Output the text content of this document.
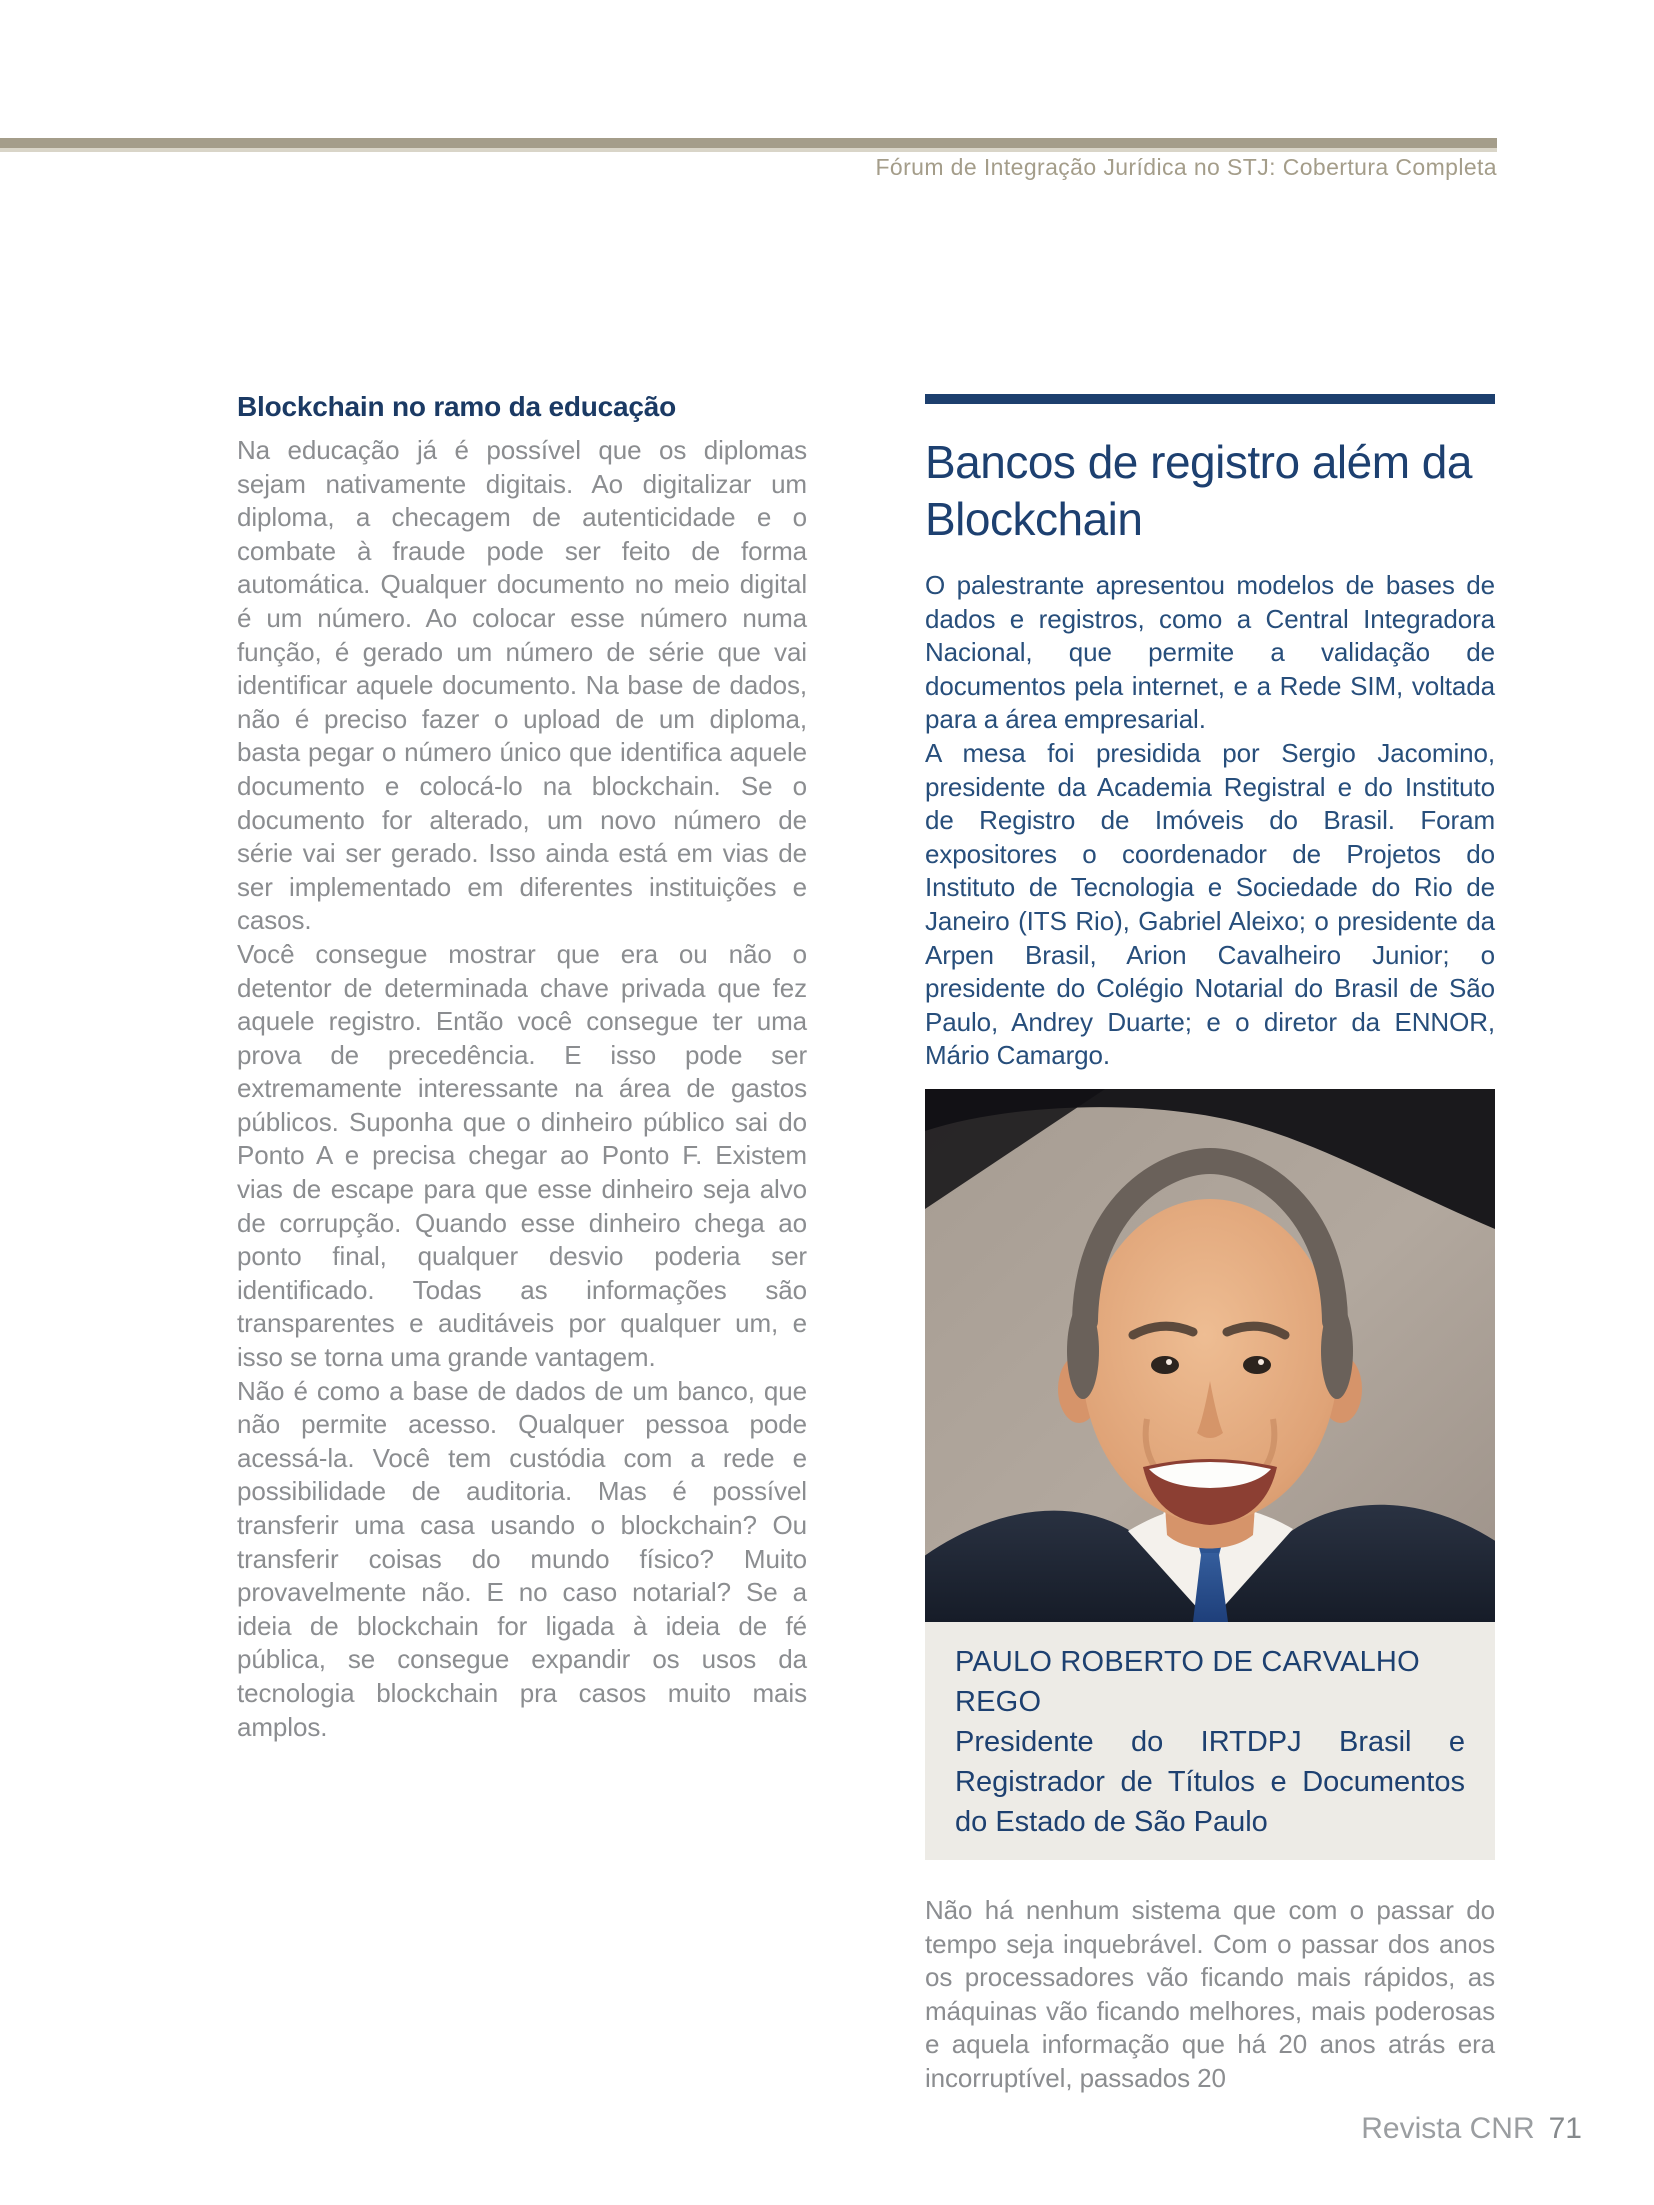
Fórum de Integração Jurídica no STJ: Cobertura Completa
Blockchain no ramo da educação

Na educação já é possível que os diplomas sejam nativamente digitais. Ao digitalizar um diploma, a checagem de autenticidade e o combate à fraude pode ser feito de forma automática. Qualquer documento no meio digital é um número. Ao colocar esse número numa função, é gerado um número de série que vai identificar aquele documento. Na base de dados, não é preciso fazer o upload de um diploma, basta pegar o número único que identifica aquele documento e colocá-lo na blockchain. Se o documento for alterado, um novo número de série vai ser gerado. Isso ainda está em vias de ser implementado em diferentes instituições e casos.

Você consegue mostrar que era ou não o detentor de determinada chave privada que fez aquele registro. Então você consegue ter uma prova de precedência. E isso pode ser extremamente interessante na área de gastos públicos. Suponha que o dinheiro público sai do Ponto A e precisa chegar ao Ponto F. Existem vias de escape para que esse dinheiro seja alvo de corrupção. Quando esse dinheiro chega ao ponto final, qualquer desvio poderia ser identificado. Todas as informações são transparentes e auditáveis por qualquer um, e isso se torna uma grande vantagem.

Não é como a base de dados de um banco, que não permite acesso. Qualquer pessoa pode acessá-la. Você tem custódia com a rede e possibilidade de auditoria. Mas é possível transferir uma casa usando o blockchain? Ou transferir coisas do mundo físico? Muito provavelmente não. E no caso notarial? Se a ideia de blockchain for ligada à ideia de fé pública, se consegue expandir os usos da tecnologia blockchain pra casos muito mais amplos.

Bancos de registro além da Blockchain

O palestrante apresentou modelos de bases de dados e registros, como a Central Integradora Nacional, que permite a validação de documentos pela internet, e a Rede SIM, voltada para a área empresarial.

A mesa foi presidida por Sergio Jacomino, presidente da Academia Registral e do Instituto de Registro de Imóveis do Brasil. Foram expositores o coordenador de Projetos do Instituto de Tecnologia e Sociedade do Rio de Janeiro (ITS Rio), Gabriel Aleixo; o presidente da Arpen Brasil, Arion Cavalheiro Junior; o presidente do Colégio Notarial do Brasil de São Paulo, Andrey Duarte; e o diretor da ENNOR, Mário Camargo.

PAULO ROBERTO DE CARVALHO REGO

Presidente do IRTDPJ Brasil e Registrador de Títulos e Documentos do Estado de São Paulo

Não há nenhum sistema que com o passar do tempo seja inquebrável. Com o passar dos anos os processadores vão ficando mais rápidos, as máquinas vão ficando melhores, mais poderosas e aquela informação que há 20 anos atrás era incorruptível, passados 20

Revista CNR 71
